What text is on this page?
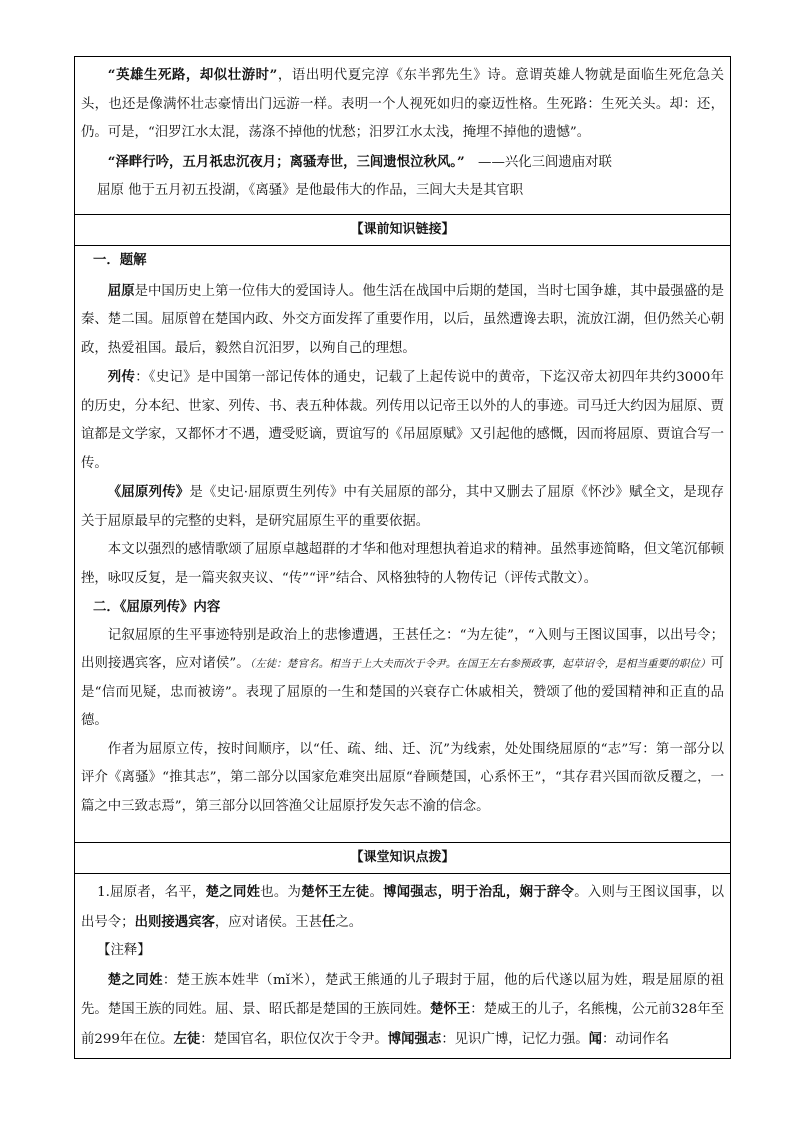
“英雄生死路，却似壮游时”，语出明代夏完淳《东半郛先生》诗。意谓英雄人物就是面临生死危急关头，也还是像满怀壮志豪情出门远游一样。表明一个人视死如归的豪迈性格。生死路：生死关头。却：还，仍。可是，“汨罗江水太混，荡涤不掉他的忧愁；汨罗江水太浅，掩埋不掉他的遗憾”。

“泽畔行吟，五月祇忠沉夜月；离骚寿世，三闾遗恨泣秋风。”　 ——兴化三闾遗庙对联

屈原 他于五月初五投湖，《离骚》是他最伟大的作品，三闾大夫是其官职

【课前知识链接】
一．题解

屈原是中国历史上第一位伟大的爱国诗人。他生活在战国中后期的楚国，当时七国争雄，其中最强盛的是秦、楚二国。屈原曾在楚国内政、外交方面发挥了重要作用，以后，虽然遭谗去职，流放江湖，但仍然关心朝政，热爱祖国。最后，毅然自沉汨罗，以殉自己的理想。

列传：《史记》是中国第一部记传体的通史，记载了上起传说中的黄帝，下迄汉帝太初四年共约3000年的历史，分本纪、世家、列传、书、表五种体裁。列传用以记帝王以外的人的事迹。司马迁大约因为屈原、贾谊都是文学家，又都怀才不遇，遭受贬谪，贾谊写的《吊屈原赋》又引起他的感慨，因而将屈原、贾谊合写一传。

《屈原列传》是《史记·屈原贾生列传》中有关屈原的部分，其中又删去了屈原《怀沙》赋全文，是现存关于屈原最早的完整的史料，是研究屈原生平的重要依据。

本文以强烈的感情歌颂了屈原卓越超群的才华和他对理想执着追求的精神。虽然事迹简略，但文笔沉郁顿挫，咏叹反复，是一篇夹叙夹议、“传”“评”结合、风格独特的人物传记（评传式散文）。

二．《屈原列传》内容

记叙屈原的生平事迹特别是政治上的悲惨遭遇，王甚任之：“为左徒”，“入则与王图议国事，以出号令；出则接遇宾客，应对诸侯”。（左徒：楚官名。相当于上大夫而次于令尹。在国王左右参预政事，起草诏令，是相当重要的职位）可是“信而见疑，忠而被谤”。表现了屈原的一生和楚国的兴衰存亡休戚相关，赞颂了他的爱国精神和正直的品德。

作者为屈原立传，按时间顺序，以“任、疏、绌、迁、沉”为线索，处处围绕屈原的“志”写：第一部分以评介《离骚》“推其志”，第二部分以国家危难突出屈原“眷顾楚国，心系怀王”，“其存君兴国而欲反覆之，一篇之中三致志焉”，第三部分以回答渔父让屈原抒发矢志不渝的信念。

【课堂知识点拨】

1.屈原者，名平，楚之同姓也。为楚怀王左徒。博闻强志，明于治乱，娴于辞令。入则与王图议国事，以出号令；出则接遇宾客，应对诸侯。王甚任之。

【注释】

楚之同姓：楚王族本姓芈（mǐ米），楚武王熊通的儿子瑕封于屈，他的后代遂以屈为姓，瑕是屈原的祖先。楚国王族的同姓。屈、景、昭氏都是楚国的王族同姓。楚怀王：楚威王的儿子，名熊槐，公元前328年至前299年在位。左徒：楚国官名，职位仅次于令尹。博闻强志：见识广博，记忆力强。闻：动词作名
